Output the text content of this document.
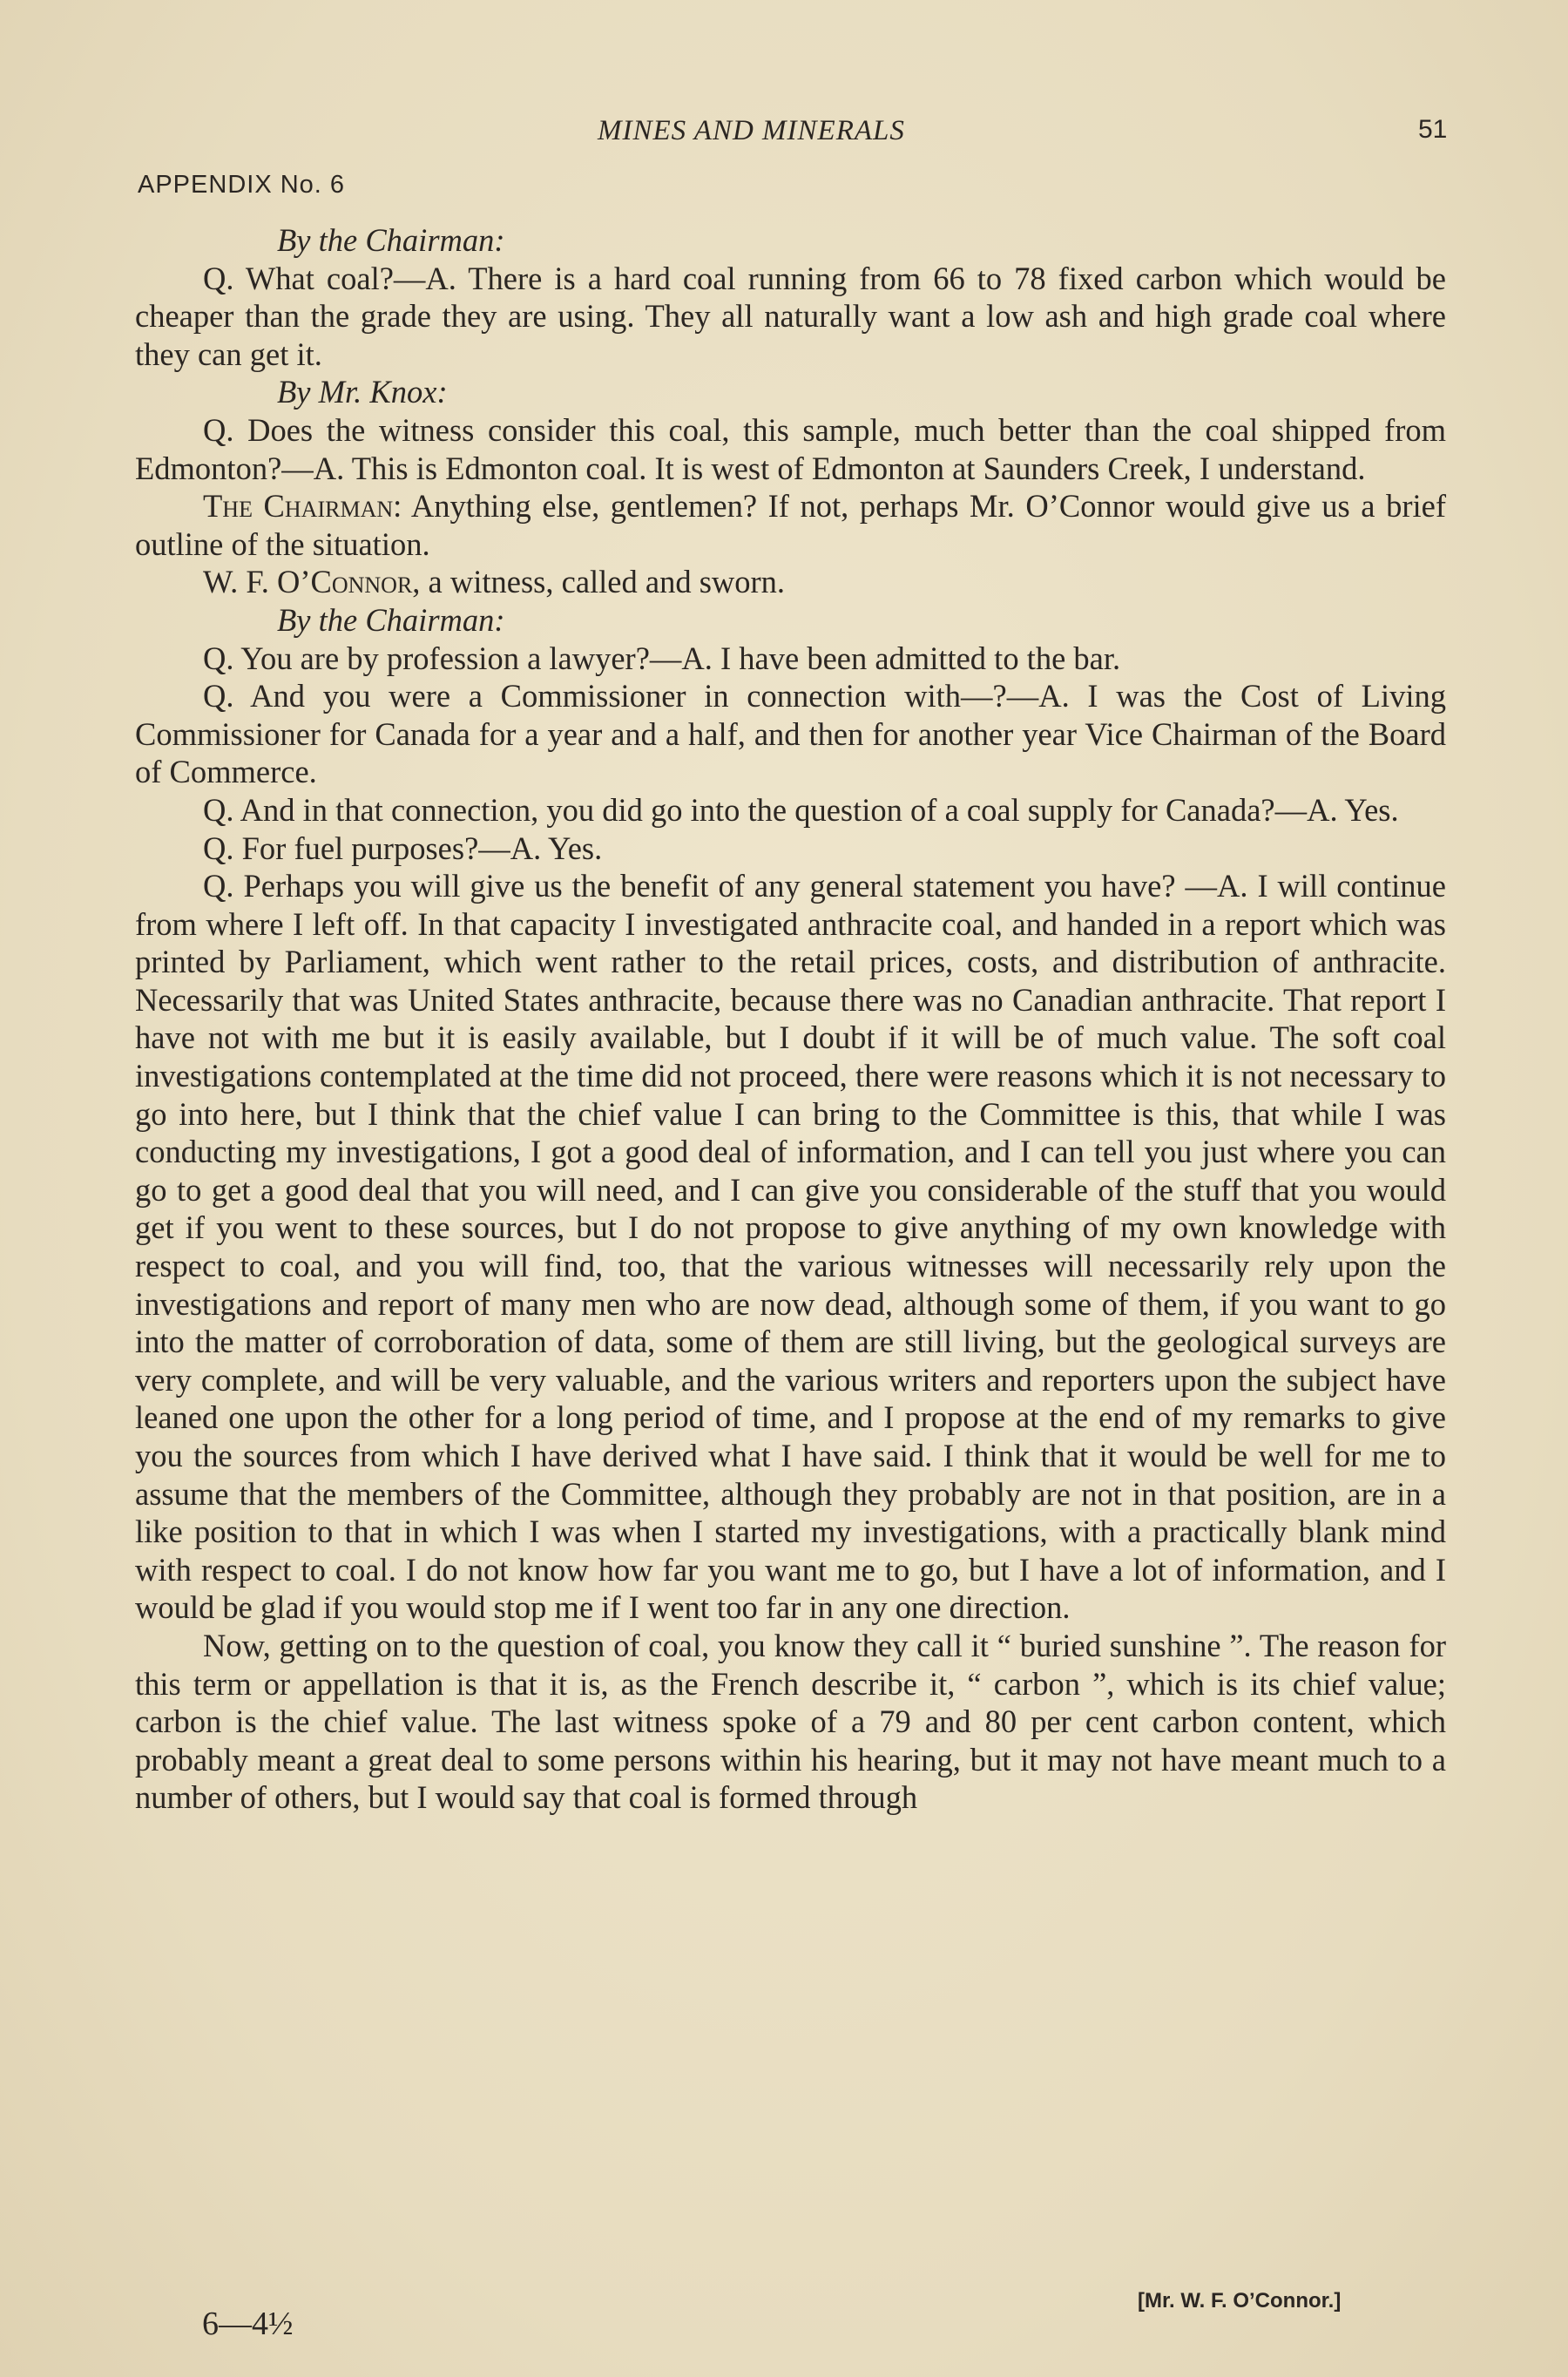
MINES AND MINERALS	51
APPENDIX No. 6

By the Chairman:

Q. What coal?—A. There is a hard coal running from 66 to 78 fixed carbon which would be cheaper than the grade they are using. They all naturally want a low ash and high grade coal where they can get it.

By Mr. Knox:

Q. Does the witness consider this coal, this sample, much better than the coal shipped from Edmonton?—A. This is Edmonton coal. It is west of Edmonton at Saunders Creek, I understand.

The Chairman: Anything else, gentlemen? If not, perhaps Mr. O’Connor would give us a brief outline of the situation.

W. F. O’Connor, a witness, called and sworn.

By the Chairman:

Q. You are by profession a lawyer?—A. I have been admitted to the bar.

Q. And you were a Commissioner in connection with—?—A. I was the Cost of Living Commissioner for Canada for a year and a half, and then for another year Vice Chairman of the Board of Commerce.

Q. And in that connection, you did go into the question of a coal supply for Canada?—A. Yes.

Q. For fuel purposes?—A. Yes.

Q. Perhaps you will give us the benefit of any general statement you have? —A. I will continue from where I left off. In that capacity I investigated anthracite coal, and handed in a report which was printed by Parliament, which went rather to the retail prices, costs, and distribution of anthracite. Necessarily that was United States anthracite, because there was no Canadian anthracite. That report I have not with me but it is easily available, but I doubt if it will be of much value. The soft coal investigations contemplated at the time did not proceed, there were reasons which it is not necessary to go into here, but I think that the chief value I can bring to the Committee is this, that while I was conducting my investigations, I got a good deal of information, and I can tell you just where you can go to get a good deal that you will need, and I can give you considerable of the stuff that you would get if you went to these sources, but I do not propose to give anything of my own knowledge with respect to coal, and you will find, too, that the various witnesses will necessarily rely upon the investigations and report of many men who are now dead, although some of them, if you want to go into the matter of corroboration of data, some of them are still living, but the geological surveys are very complete, and will be very valuable, and the various writers and reporters upon the subject have leaned one upon the other for a long period of time, and I propose at the end of my remarks to give you the sources from which I have derived what I have said. I think that it would be well for me to assume that the members of the Committee, although they probably are not in that position, are in a like position to that in which I was when I started my investigations, with a practically blank mind with respect to coal. I do not know how far you want me to go, but I have a lot of information, and I would be glad if you would stop me if I went too far in any one direction.

Now, getting on to the question of coal, you know they call it “ buried sunshine ”. The reason for this term or appellation is that it is, as the French describe it, “ carbon ”, which is its chief value; carbon is the chief value. The last witness spoke of a 79 and 80 per cent carbon content, which probably meant a great deal to some persons within his hearing, but it may not have meant much to a number of others, but I would say that coal is formed through

[Mr. W. F. O’Connor.]
6—4½
